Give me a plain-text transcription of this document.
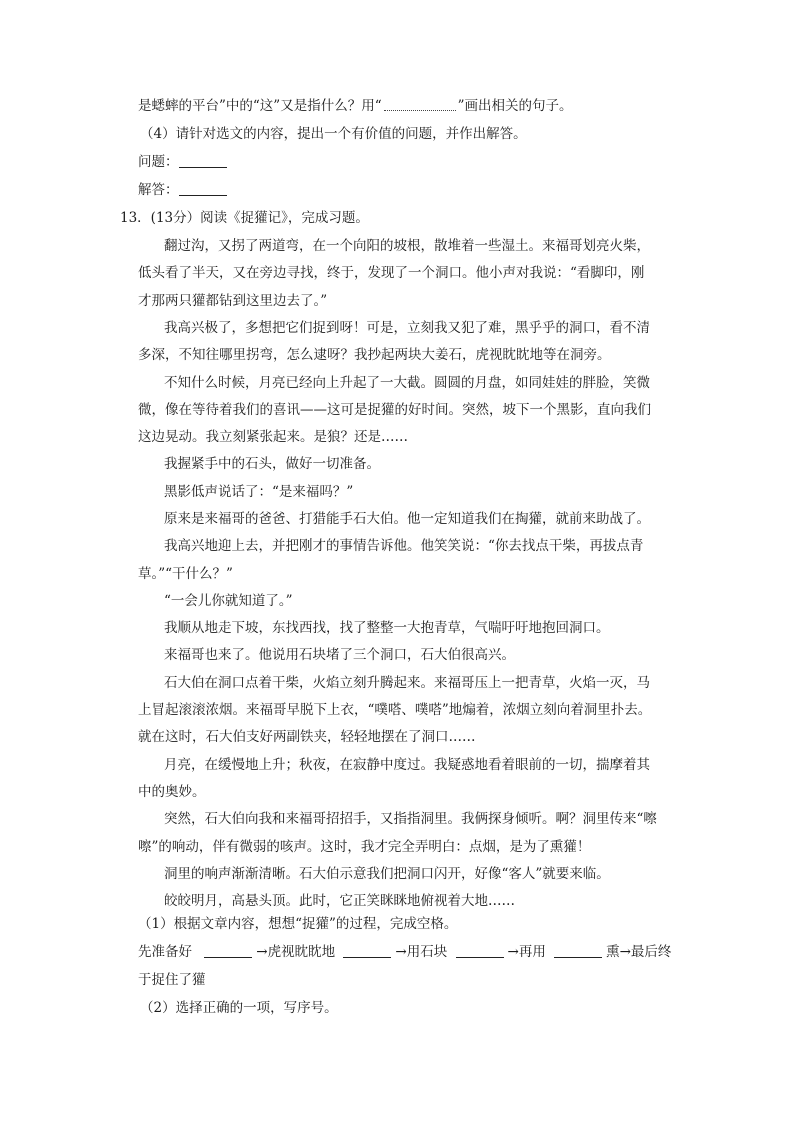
是蟋蟀的平台”中的“这”又是指什么？用“	”画出相关的句子。
（4）请针对选文的内容，提出一个有价值的问题，并作出解答。
问题：
解答：
13．(13分）阅读《捉獾记》，完成习题。
翻过沟，又拐了两道弯，在一个向阳的坡根，散堆着一些湿土。来福哥划亮火柴，
低头看了半天，又在旁边寻找，终于，发现了一个洞口。他小声对我说：“看脚印，刚
才那两只獾都钻到这里边去了。”
我高兴极了，多想把它们捉到呀！可是，立刻我又犯了难，黑乎乎的洞口，看不清
多深，不知往哪里拐弯，怎么逮呀？我抄起两块大姜石，虎视眈眈地等在洞旁。
不知什么时候，月亮已经向上升起了一大截。圆圆的月盘，如同娃娃的胖脸，笑微
微，像在等待着我们的喜讯——这可是捉獾的好时间。突然，坡下一个黑影，直向我们
这边晃动。我立刻紧张起来。是狼？还是……
我握紧手中的石头，做好一切准备。
黑影低声说话了：“是来福吗？”
原来是来福哥的爸爸、打猎能手石大伯。他一定知道我们在掏獾，就前来助战了。
我高兴地迎上去，并把刚才的事情告诉他。他笑笑说：“你去找点干柴，再拔点青
草。”“干什么？”
“一会儿你就知道了。”
我顺从地走下坡，东找西找，找了整整一大抱青草，气喘吁吁地抱回洞口。
来福哥也来了。他说用石块堵了三个洞口，石大伯很高兴。
石大伯在洞口点着干柴，火焰立刻升腾起来。来福哥压上一把青草，火焰一灭，马
上冒起滚滚浓烟。来福哥早脱下上衣，“噗嗒、噗嗒”地煽着，浓烟立刻向着洞里扑去。
就在这时，石大伯支好两副铁夹，轻轻地摆在了洞口……
月亮，在缓慢地上升；秋夜，在寂静中度过。我疑惑地看着眼前的一切，揣摩着其
中的奥妙。
突然，石大伯向我和来福哥招招手，又指指洞里。我俩探身倾听。啊？洞里传来“嚓
嚓”的响动，伴有微弱的咳声。这时，我才完全弄明白：点烟，是为了熏獾！
洞里的响声渐渐清晰。石大伯示意我们把洞口闪开，好像“客人”就要来临。
皎皎明月，高悬头顶。此时，它正笑眯眯地俯视着大地……
（1）根据文章内容，想想“捉獾”的过程，完成空格。
先准备好	→虎视眈眈地	→用石块	→再用	熏→最后终
于捉住了獾
（2）选择正确的一项，写序号。
